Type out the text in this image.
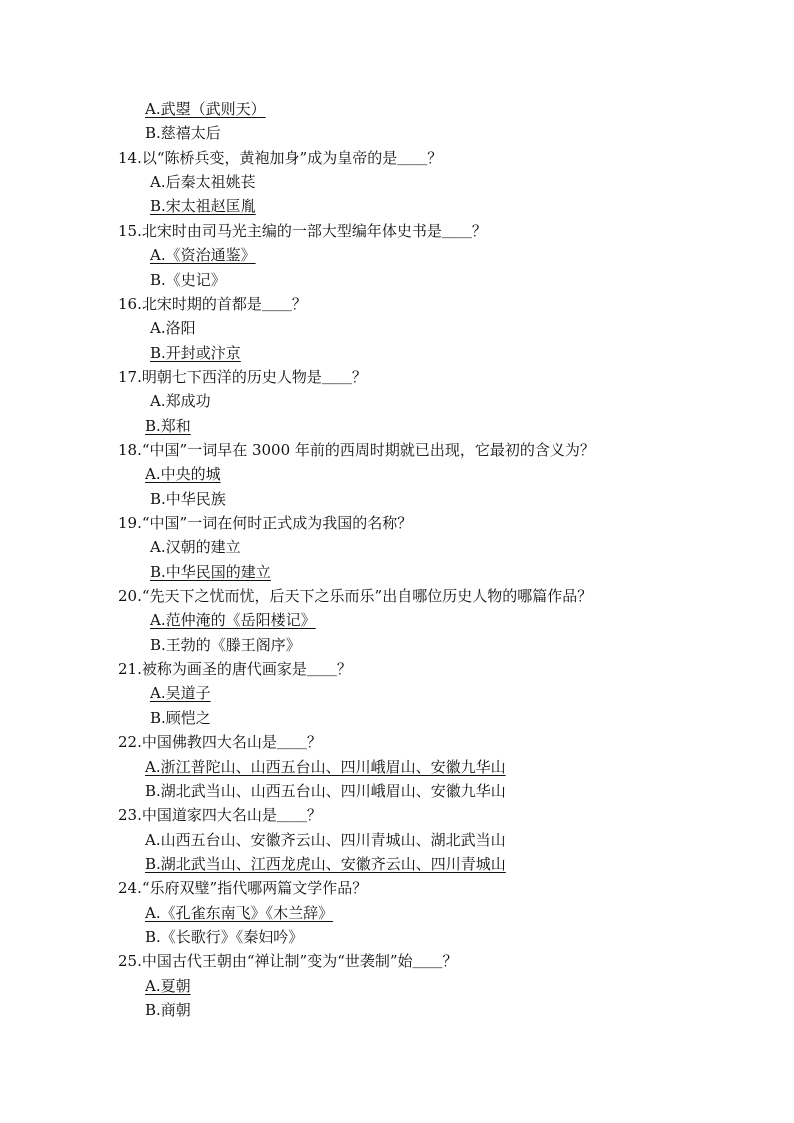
A.武曌（武则天）
B.慈禧太后
14.以“陈桥兵变，黄袍加身”成为皇帝的是＿＿？
A.后秦太祖姚苌
B.宋太祖赵匡胤
15.北宋时由司马光主编的一部大型编年体史书是＿＿？
A.《资治通鉴》
B.《史记》
16.北宋时期的首都是＿＿？
A.洛阳
B.开封或汴京
17.明朝七下西洋的历史人物是＿＿？
A.郑成功
B.郑和
18.“中国”一词早在 3000 年前的西周时期就已出现，它最初的含义为？
A.中央的城
B.中华民族
19.“中国”一词在何时正式成为我国的名称？
A.汉朝的建立
B.中华民国的建立
20.“先天下之忧而忧，后天下之乐而乐”出自哪位历史人物的哪篇作品？
A.范仲淹的《岳阳楼记》
B.王勃的《滕王阁序》
21.被称为画圣的唐代画家是＿＿？
A.吴道子
B.顾恺之
22.中国佛教四大名山是＿＿？
A.浙江普陀山、山西五台山、四川峨眉山、安徽九华山
B.湖北武当山、山西五台山、四川峨眉山、安徽九华山
23.中国道家四大名山是＿＿？
A.山西五台山、安徽齐云山、四川青城山、湖北武当山
B.湖北武当山、江西龙虎山、安徽齐云山、四川青城山
24.“乐府双璧”指代哪两篇文学作品？
A.《孔雀东南飞》《木兰辞》
B.《长歌行》《秦妇吟》
25.中国古代王朝由“禅让制”变为“世袭制”始＿＿？
A.夏朝
B.商朝
